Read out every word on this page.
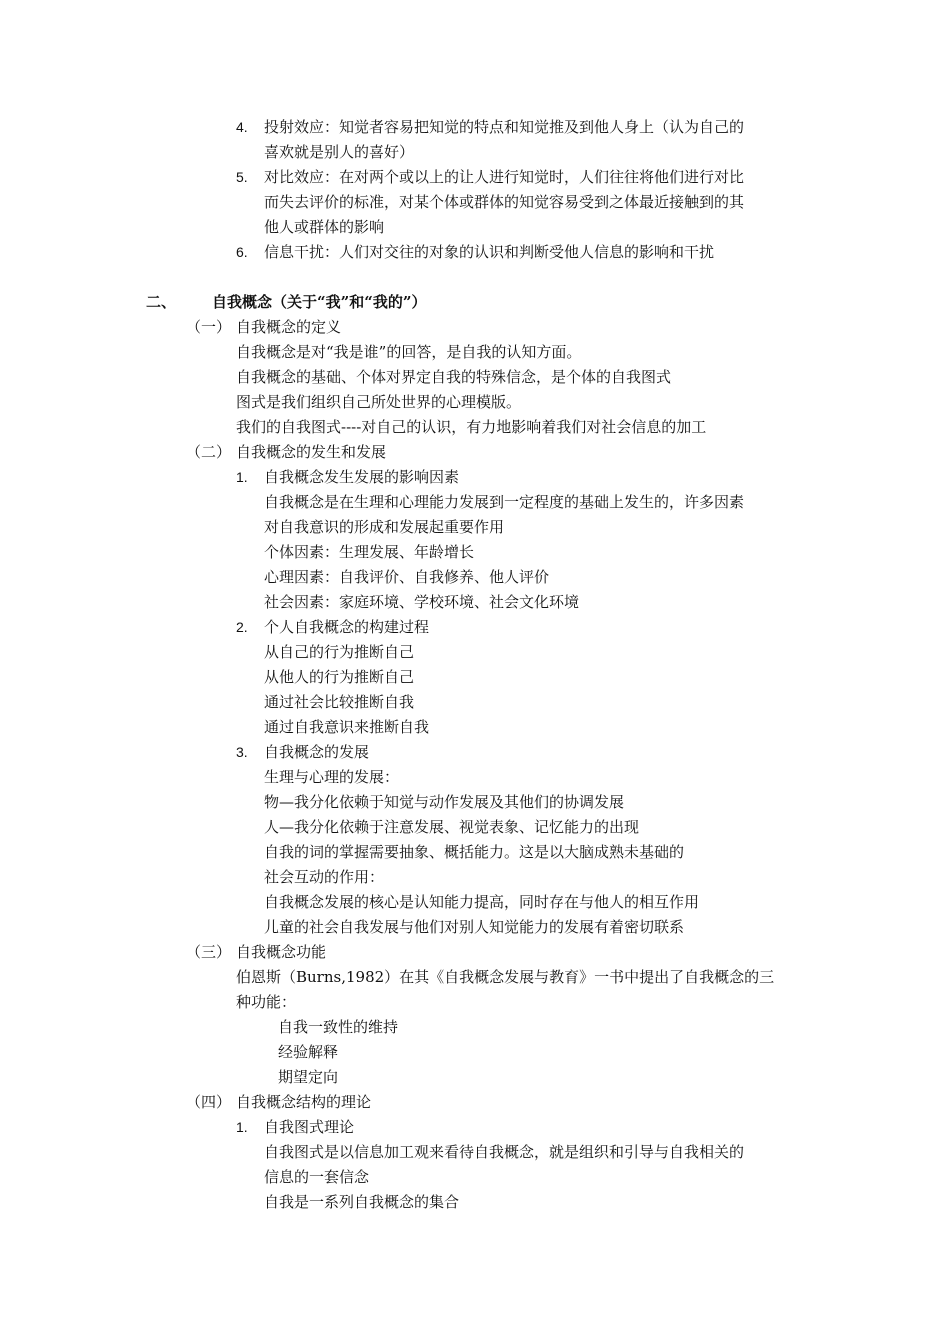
4. 投射效应：知觉者容易把知觉的特点和知觉推及到他人身上（认为自己的
喜欢就是别人的喜好）
5. 对比效应：在对两个或以上的让人进行知觉时，人们往往将他们进行对比
而失去评价的标准，对某个体或群体的知觉容易受到之体最近接触到的其
他人或群体的影响
6. 信息干扰：人们对交往的对象的认识和判断受他人信息的影响和干扰
二、 自我概念（关于“我”和“我的”）
（一） 自我概念的定义
自我概念是对“我是谁”的回答，是自我的认知方面。
自我概念的基础、个体对界定自我的特殊信念，是个体的自我图式
图式是我们组织自己所处世界的心理模版。
我们的自我图式----对自己的认识，有力地影响着我们对社会信息的加工
（二） 自我概念的发生和发展
1. 自我概念发生发展的影响因素
自我概念是在生理和心理能力发展到一定程度的基础上发生的，许多因素
对自我意识的形成和发展起重要作用
个体因素：生理发展、年龄增长
心理因素：自我评价、自我修养、他人评价
社会因素：家庭环境、学校环境、社会文化环境
2. 个人自我概念的构建过程
从自己的行为推断自己
从他人的行为推断自己
通过社会比较推断自我
通过自我意识来推断自我
3. 自我概念的发展
生理与心理的发展：
物—我分化依赖于知觉与动作发展及其他们的协调发展
人—我分化依赖于注意发展、视觉表象、记忆能力的出现
自我的词的掌握需要抽象、概括能力。这是以大脑成熟未基础的
社会互动的作用：
自我概念发展的核心是认知能力提高，同时存在与他人的相互作用
儿童的社会自我发展与他们对别人知觉能力的发展有着密切联系
（三） 自我概念功能
伯恩斯（Burns,1982）在其《自我概念发展与教育》一书中提出了自我概念的三
种功能：
自我一致性的维持
经验解释
期望定向
（四） 自我概念结构的理论
1. 自我图式理论
自我图式是以信息加工观来看待自我概念，就是组织和引导与自我相关的
信息的一套信念
自我是一系列自我概念的集合
